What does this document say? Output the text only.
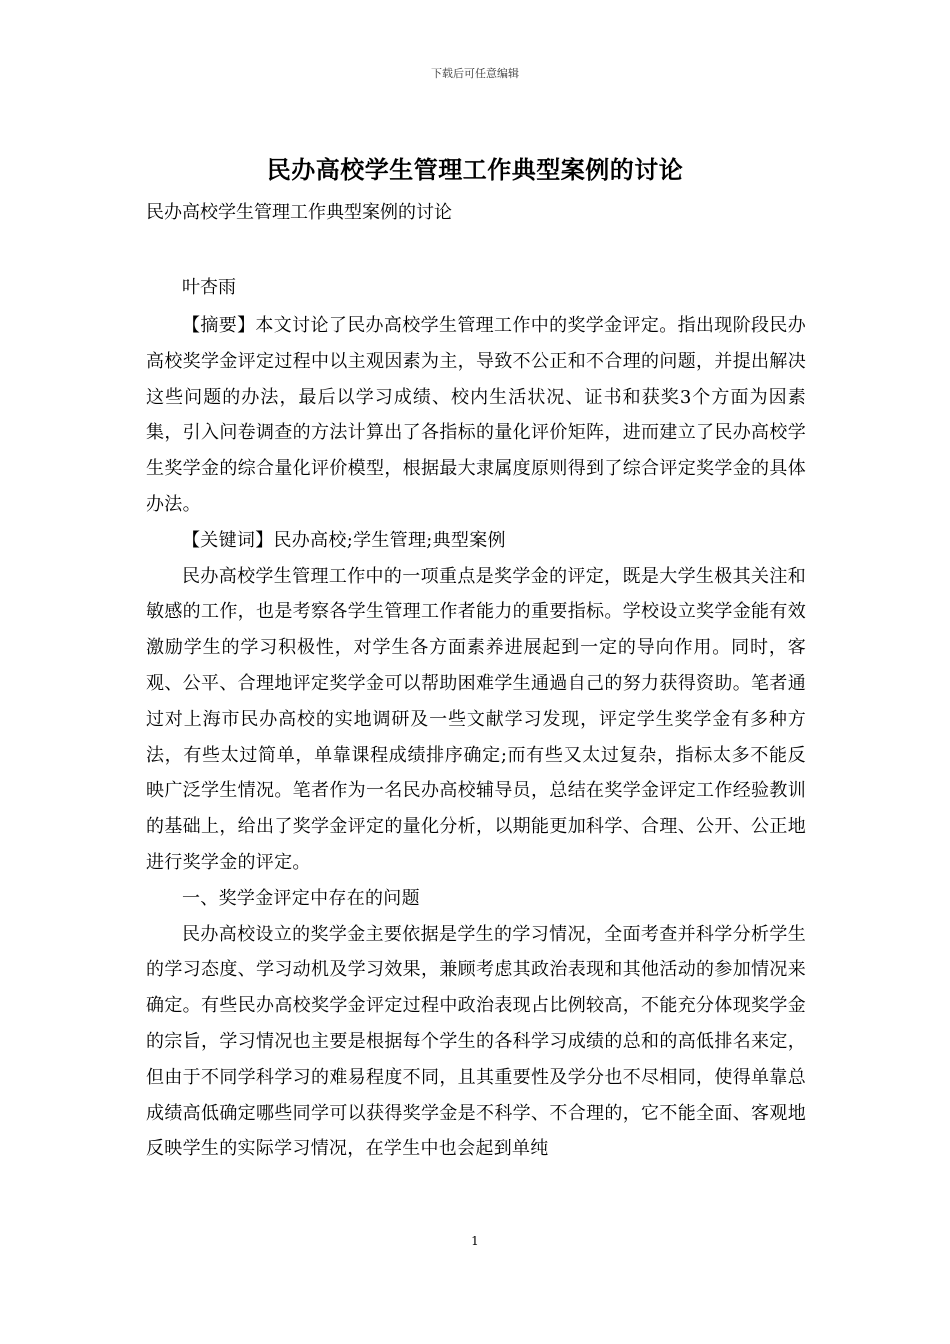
下载后可任意编辑
民办高校学生管理工作典型案例的讨论
民办高校学生管理工作典型案例的讨论
叶杏雨

【摘要】本文讨论了民办高校学生管理工作中的奖学金评定。指出现阶段民办高校奖学金评定过程中以主观因素为主，导致不公正和不合理的问题，并提出解决这些问题的办法，最后以学习成绩、校内生活状况、证书和获奖3个方面为因素集，引入问卷调查的方法计算出了各指标的量化评价矩阵，进而建立了民办高校学生奖学金的综合量化评价模型，根据最大隶属度原则得到了综合评定奖学金的具体办法。

【关键词】民办高校;学生管理;典型案例

民办高校学生管理工作中的一项重点是奖学金的评定，既是大学生极其关注和敏感的工作，也是考察各学生管理工作者能力的重要指标。学校设立奖学金能有效激励学生的学习积极性，对学生各方面素养进展起到一定的导向作用。同时，客观、公平、合理地评定奖学金可以帮助困难学生通過自己的努力获得资助。笔者通过对上海市民办高校的实地调研及一些文献学习发现，评定学生奖学金有多种方法，有些太过简单，单靠课程成绩排序确定;而有些又太过复杂，指标太多不能反映广泛学生情况。笔者作为一名民办高校辅导员，总结在奖学金评定工作经验教训的基础上，给出了奖学金评定的量化分析，以期能更加科学、合理、公开、公正地进行奖学金的评定。

一、奖学金评定中存在的问题

民办高校设立的奖学金主要依据是学生的学习情况，全面考查并科学分析学生的学习态度、学习动机及学习效果，兼顾考虑其政治表现和其他活动的参加情况来确定。有些民办高校奖学金评定过程中政治表现占比例较高，不能充分体现奖学金的宗旨，学习情况也主要是根据每个学生的各科学习成绩的总和的高低排名来定，但由于不同学科学习的难易程度不同，且其重要性及学分也不尽相同，使得单靠总成绩高低确定哪些同学可以获得奖学金是不科学、不合理的，它不能全面、客观地反映学生的实际学习情况，在学生中也会起到单纯

1
